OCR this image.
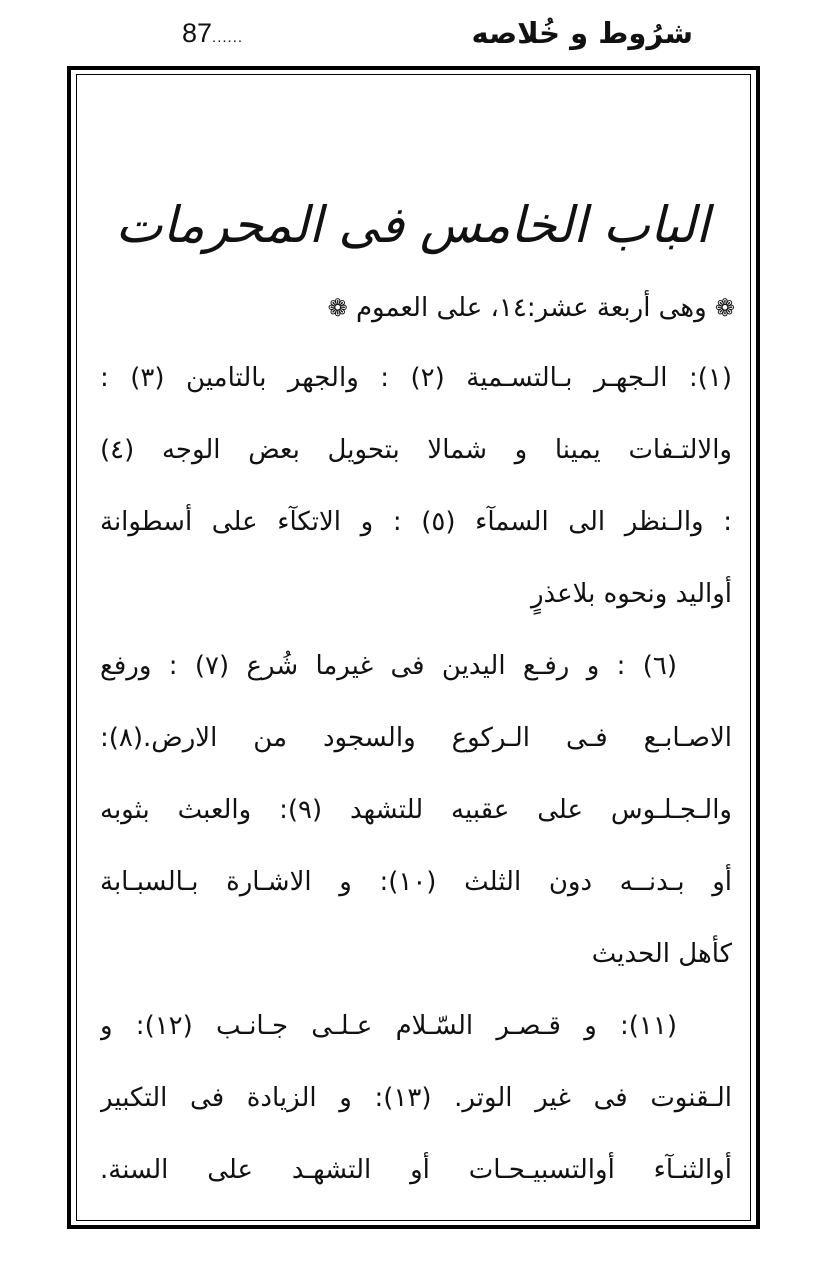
87......	شرُوط و خُلاصه
الباب الخامس فى المحرمات
❁ وهى أربعة عشر:١٤، على العموم ❁
(١): الـجهـر بـالتسـمية (٢) : والجهر بالتامين (٣) :
والالتـفات يمينا و شمالا بتحويل بعض الوجه (٤)
: والـنظر الى السمآء (٥) : و الاتكآء على أسطوانة
أواليد ونحوه بلاعذرٍ
(٦) : و رفـع اليدين فى غيرما شُرع (٧) : ورفع
الاصـابـع فـى الـركوع والسجود من الارض.(٨):
والـجـلـوس على عقبيه للتشهد (٩): والعبث بثوبه
أو بـدنــه دون الثلث (١٠): و الاشـارة بـالسبـابة
كأهل الحديث
(١١): و قـصـر السّـلام عـلـى جـانـب (١٢): و
الـقنوت فى غير الوتر. (١٣): و الزيادة فى التكبير
أوالثنـآء أوالتسبيـحـات أو التشهـد على السنة.
